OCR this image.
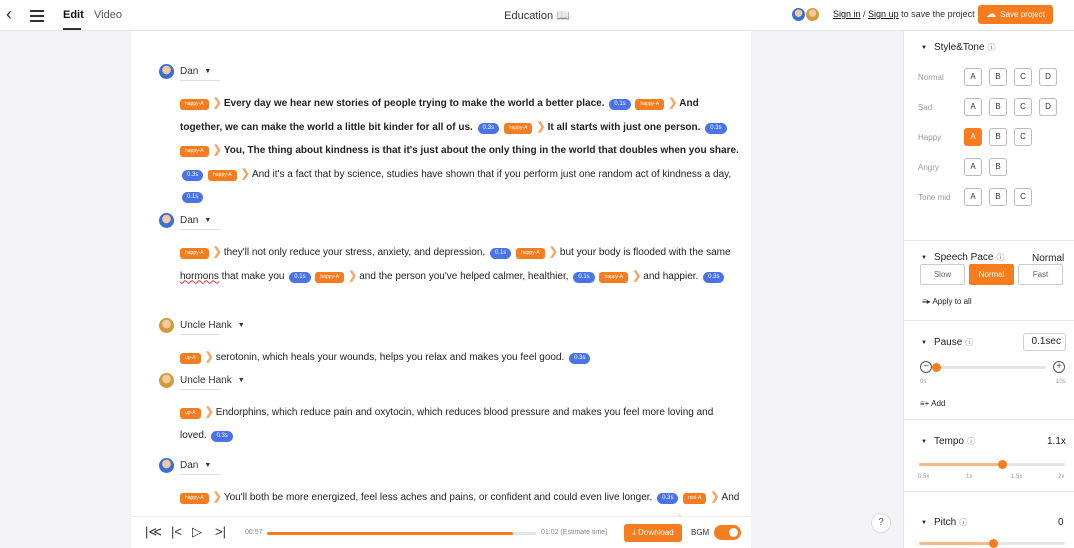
‹	Edit Video	Education 📖	Sign in / Sign up to save the project	☁ Save project
Dan ▼
happy-A ❯ Every day we hear new stories of people trying to make the world a better place. 0.1s	happy-A ❯ And together, we can make the world a little bit kinder for all of us. 0.3s	happy-A ❯ It all starts with just one person. 0.3s happy-A ❯ You, The thing about kindness is that it's just about the only thing in the world that doubles when you share. 0.3s	happy-A ❯ And it's a fact that by science, studies have shown that if you perform just one random act of kindness a day, 0.1s
Dan ▼
happy-A ❯ they'll not only reduce your stress, anxiety, and depression, 0.1s	happy-A ❯ but your body is flooded with the same hormons that make you 0.1s	happy-A ❯ and the person you've helped calmer, healthier, 0.1s	happy-A ❯ and happier. 0.3s
Uncle Hank ▼
up-A ❯ serotonin, which heals your wounds, helps you relax and makes you feel good. 0.3s
Uncle Hank ▼
up-A ❯ Endorphins, which reduce pain and oxytocin, which reduces blood pressure and makes you feel more loving and loved. 0.3s
Dan ▼
happy-A ❯ You'll both be more energized, feel less aches and pains, or confident and could even live longer. 0.3s	mid-A ❯ And
|≪ |< ▷ >|	00:57	01:02 (Estimate time)	⤓ Download	BGM
?
▼ Style&Tone ⓘ
Normal	A	B	C	D
Sad	A	B	C	D
Happy	A	B	C
Angry	A	B
Tone mid	A	B	C
▼ Speech Pace ⓘ	Normal
Slow	Normal	Fast
≡▸ Apply to all
▼ Pause ⓘ	0.1sec
−	+
0s	10s
≡+ Add
▼ Tempo ⓘ	1.1x
0.5x	1x	1.5x	2x
▼ Pitch ⓘ	0
